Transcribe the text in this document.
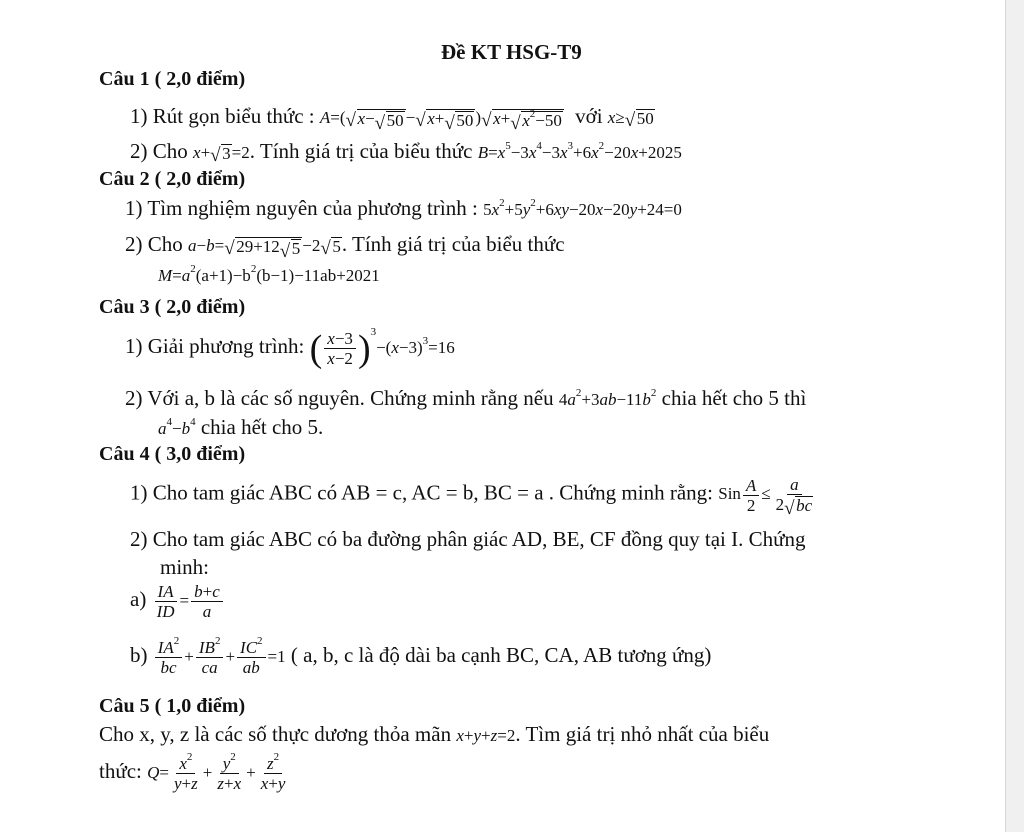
Đề KT HSG-T9
Câu 1 ( 2,0 điểm)
1) Rút gọn biểu thức : A=( √ x− √ 50 − √ x+ √ 50 ) √ x+ √ $x^2-50$ với x≥ √ 50
2) Cho x+ √ 3=2. Tính giá trị của biểu thức $B=x^5-3x^4-3x^3+6x^2-20x+2025$
Câu 2 ( 2,0 điểm)
1) Tìm nghiệm nguyên của phương trình : $5x^2+5y^2+6xy-20x-20y+24=0$
2) Cho a−b= √ 29+12 √ 5 −2 √ 5. Tính giá trị của biểu thức
$M=a^2(a+1)-b^2(b-1)-11ab+2021$
Câu 3 ( 2,0 điểm)
1) Giải phương trình: ( $\frac{x-3}{x-2} )^3-(x-3)^3=16$
2) Với a, b là các số nguyên. Chứng minh rằng nếu $4a^2+3ab-11b^2$ chia hết cho 5 thì
$a^4-b^4$ chia hết cho 5.
Câu 4 ( 3,0 điểm)
1) Cho tam giác ABC có AB = c, AC = b, BC = a . Chứng minh rằng: Sin $\frac{A}{2} \le \frac{a}{2 √ bc}$
2) Cho tam giác ABC có ba đường phân giác AD, BE, CF đồng quy tại I. Chứng
minh:
$a) \frac{IA}{ID} = \frac{b+c}{a}$
$b) \frac{IA^2}{bc} + \frac{IB^2}{ca} + \frac{IC^2}{ab} =1$ ( a, b, c là độ dài ba cạnh BC, CA, AB tương ứng)
Câu 5 ( 1,0 điểm)
Cho x, y, z là các số thực dương thỏa mãn x+y+z=2. Tìm giá trị nhỏ nhất của biểu
thức: $Q= \frac{x^2}{y+z} + \frac{y^2}{z+x} + \frac{z^2}{x+y}$
